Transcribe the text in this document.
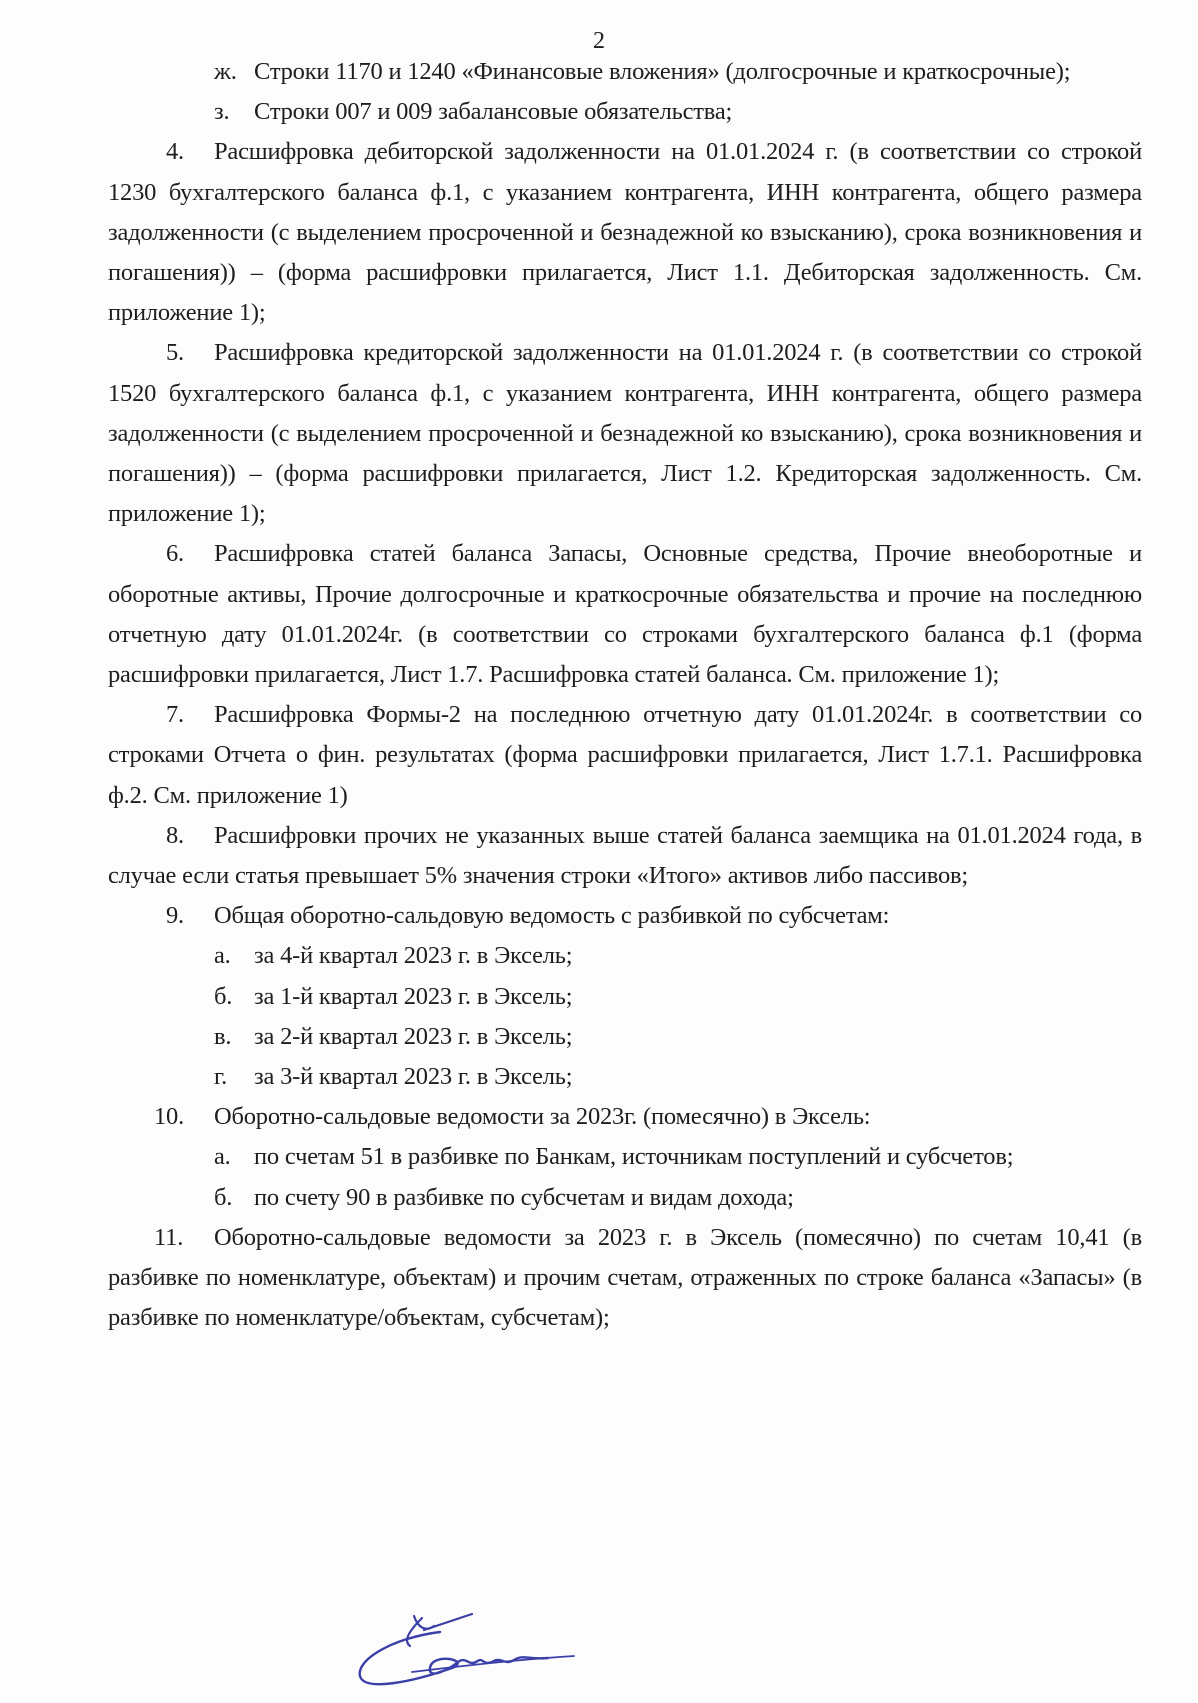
2

ж. Строки 1170 и 1240 «Финансовые вложения» (долгосрочные и краткосрочные);

з. Строки 007 и 009 забалансовые обязательства;

4. Расшифровка дебиторской задолженности на 01.01.2024 г. (в соответствии со строкой 1230 бухгалтерского баланса ф.1, с указанием контрагента, ИНН контрагента, общего размера задолженности (с выделением просроченной и безнадежной ко взысканию), срока возникновения и погашения)) – (форма расшифровки прилагается, Лист 1.1. Дебиторская задолженность. См. приложение 1);

5. Расшифровка кредиторской задолженности на 01.01.2024 г. (в соответствии со строкой 1520 бухгалтерского баланса ф.1, с указанием контрагента, ИНН контрагента, общего размера задолженности (с выделением просроченной и безнадежной ко взысканию), срока возникновения и погашения)) – (форма расшифровки прилагается, Лист 1.2. Кредиторская задолженность. См. приложение 1);

6. Расшифровка статей баланса Запасы, Основные средства, Прочие внеоборотные и оборотные активы, Прочие долгосрочные и краткосрочные обязательства и прочие на последнюю отчетную дату 01.01.2024г. (в соответствии со строками бухгалтерского баланса ф.1 (форма расшифровки прилагается, Лист 1.7. Расшифровка статей баланса. См. приложение 1);

7. Расшифровка Формы-2 на последнюю отчетную дату 01.01.2024г. в соответствии со строками Отчета о фин. результатах (форма расшифровки прилагается, Лист 1.7.1. Расшифровка ф.2. См. приложение 1)

8. Расшифровки прочих не указанных выше статей баланса заемщика на 01.01.2024 года, в случае если статья превышает 5% значения строки «Итого» активов либо пассивов;

9. Общая оборотно-сальдовую ведомость с разбивкой по субсчетам:

а. за 4-й квартал 2023 г. в Эксель;

б. за 1-й квартал 2023 г. в Эксель;

в. за 2-й квартал 2023 г. в Эксель;

г. за 3-й квартал 2023 г. в Эксель;

10. Оборотно-сальдовые ведомости за 2023г. (помесячно) в Эксель:

а. по счетам 51 в разбивке по Банкам, источникам поступлений и субсчетов;

б. по счету 90 в разбивке по субсчетам и видам дохода;

11. Оборотно-сальдовые ведомости за 2023 г. в Эксель (помесячно) по счетам 10,41 (в разбивке по номенклатуре, объектам) и прочим счетам, отраженных по строке баланса «Запасы» (в разбивке по номенклатуре/объектам, субсчетам);
